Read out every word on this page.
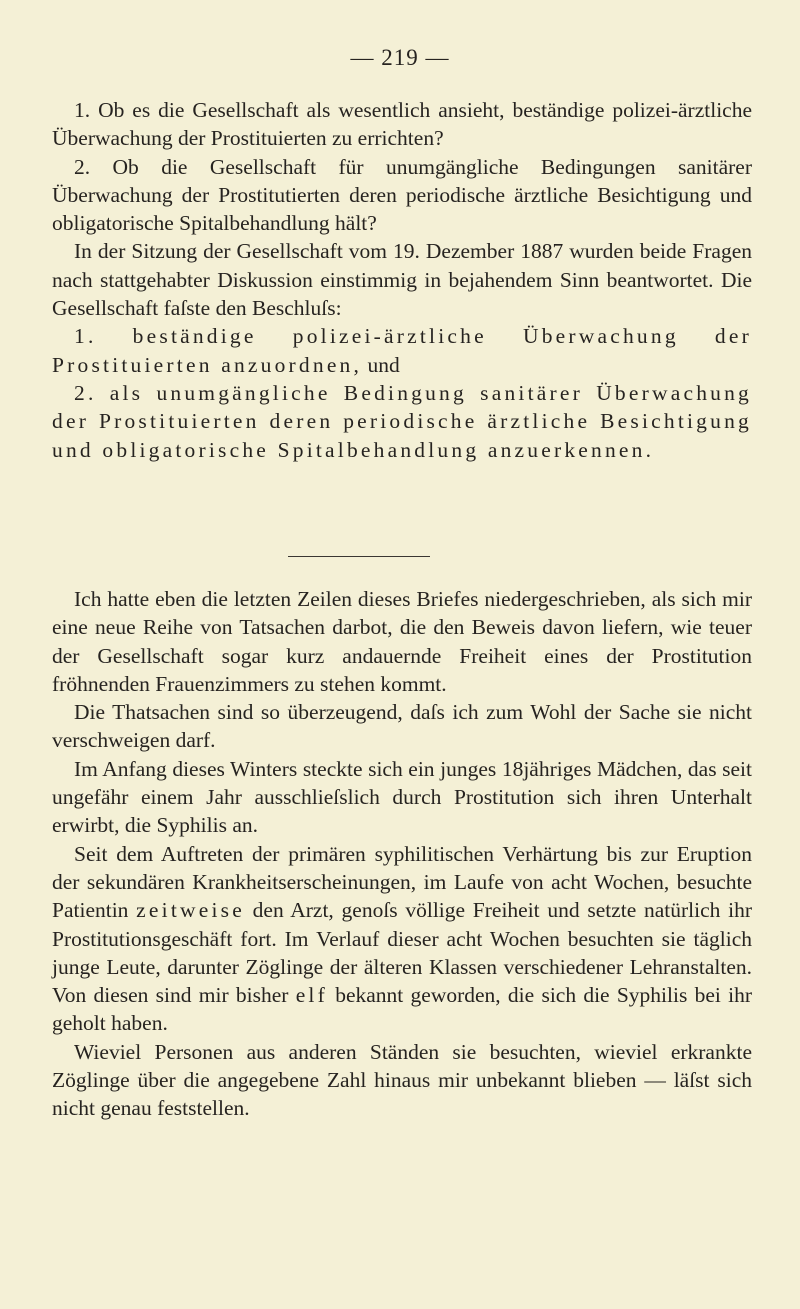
— 219 —

1. Ob es die Gesellschaft als wesentlich ansieht, beständige polizei-ärztliche Überwachung der Prostituierten zu errichten?

2. Ob die Gesellschaft für unumgängliche Bedingungen sanitärer Überwachung der Prostitutierten deren periodische ärztliche Besichtigung und obligatorische Spitalbehandlung hält?

In der Sitzung der Gesellschaft vom 19. Dezember 1887 wurden beide Fragen nach stattgehabter Diskussion einstimmig in bejahendem Sinn beantwortet. Die Gesellschaft faſste den Beschluſs:

1. beständige polizei-ärztliche Überwachung der Prostituierten anzuordnen, und

2. als unumgängliche Bedingung sanitärer Überwachung der Prostituierten deren periodische ärztliche Besichtigung und obligatorische Spitalbehandlung anzuerkennen.

Ich hatte eben die letzten Zeilen dieses Briefes niedergeschrieben, als sich mir eine neue Reihe von Tatsachen darbot, die den Beweis davon liefern, wie teuer der Gesellschaft sogar kurz andauernde Freiheit eines der Prostitution fröhnenden Frauenzimmers zu stehen kommt.

Die Thatsachen sind so überzeugend, daſs ich zum Wohl der Sache sie nicht verschweigen darf.

Im Anfang dieses Winters steckte sich ein junges 18jähriges Mädchen, das seit ungefähr einem Jahr ausschlieſslich durch Prostitution sich ihren Unterhalt erwirbt, die Syphilis an.

Seit dem Auftreten der primären syphilitischen Verhärtung bis zur Eruption der sekundären Krankheitserscheinungen, im Laufe von acht Wochen, besuchte Patientin zeitweise den Arzt, genoſs völlige Freiheit und setzte natürlich ihr Prostitutionsgeschäft fort. Im Verlauf dieser acht Wochen besuchten sie täglich junge Leute, darunter Zöglinge der älteren Klassen verschiedener Lehranstalten. Von diesen sind mir bisher elf bekannt geworden, die sich die Syphilis bei ihr geholt haben.

Wieviel Personen aus anderen Ständen sie besuchten, wieviel erkrankte Zöglinge über die angegebene Zahl hinaus mir unbekannt blieben — läſst sich nicht genau feststellen.
